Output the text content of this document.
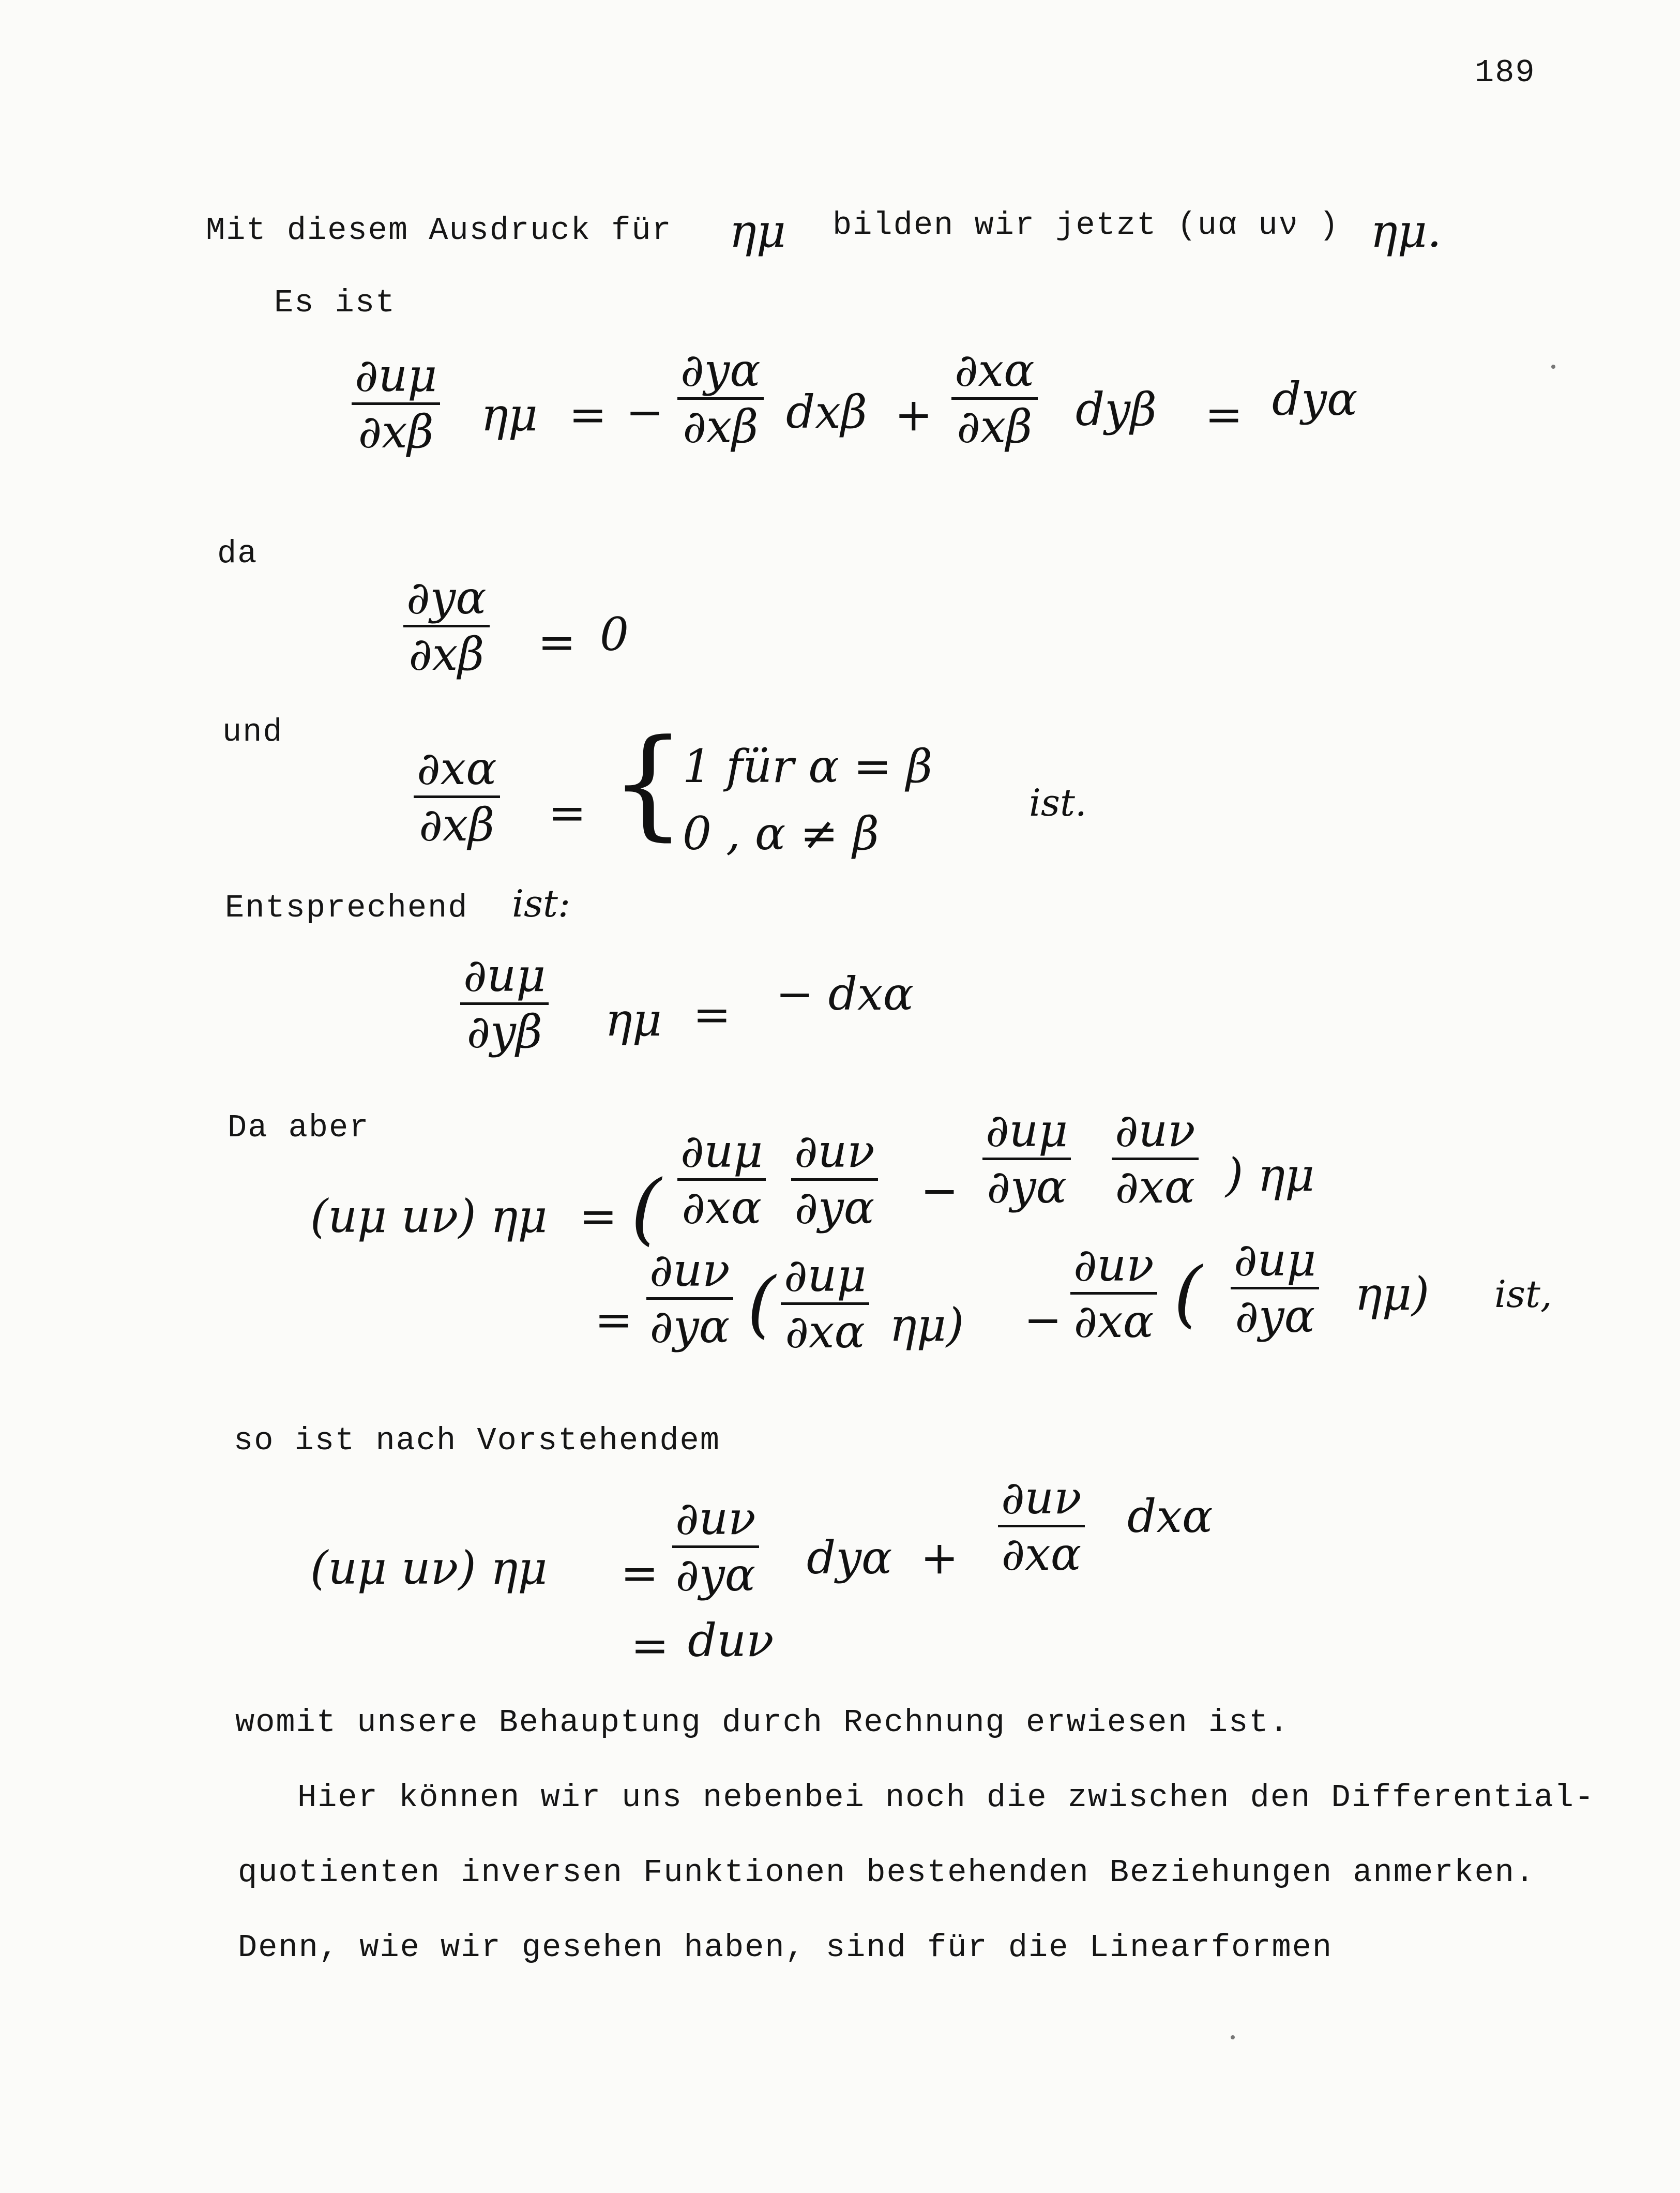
189
Mit diesem Ausdruck für ημ bilden wir jetzt (uα uν ) ημ.
Es ist
∂uμ
∂xβ ημ = −
∂yα
∂xβ dxβ +
∂xα
∂xβ dyβ = dyα
da
∂yα
∂xβ = 0
und
∂xα
∂xβ = {
1 für α = β
0 , α ≠ β
ist.
Entsprechend ist:
∂uμ
∂yβ ημ = − dxα
Da aber
(uμ uν) ημ = (
∂uμ
∂xα
∂uν
∂yα −
∂uμ
∂yα
∂uν
∂xα ) ημ
=
∂uν
∂yα ( ∂uμ
∂xα ημ) −
∂uν
∂xα ( ∂uμ
∂yα ημ) ist,
so ist nach Vorstehendem
(uμ uν) ημ =
∂uν
∂yα dyα +
∂uν
∂xα
dxα
= duν
womit unsere Behauptung durch Rechnung erwiesen ist.
Hier können wir uns nebenbei noch die zwischen den Differential-
quotienten inversen Funktionen bestehenden Beziehungen anmerken.
Denn, wie wir gesehen haben, sind für die Linearformen
